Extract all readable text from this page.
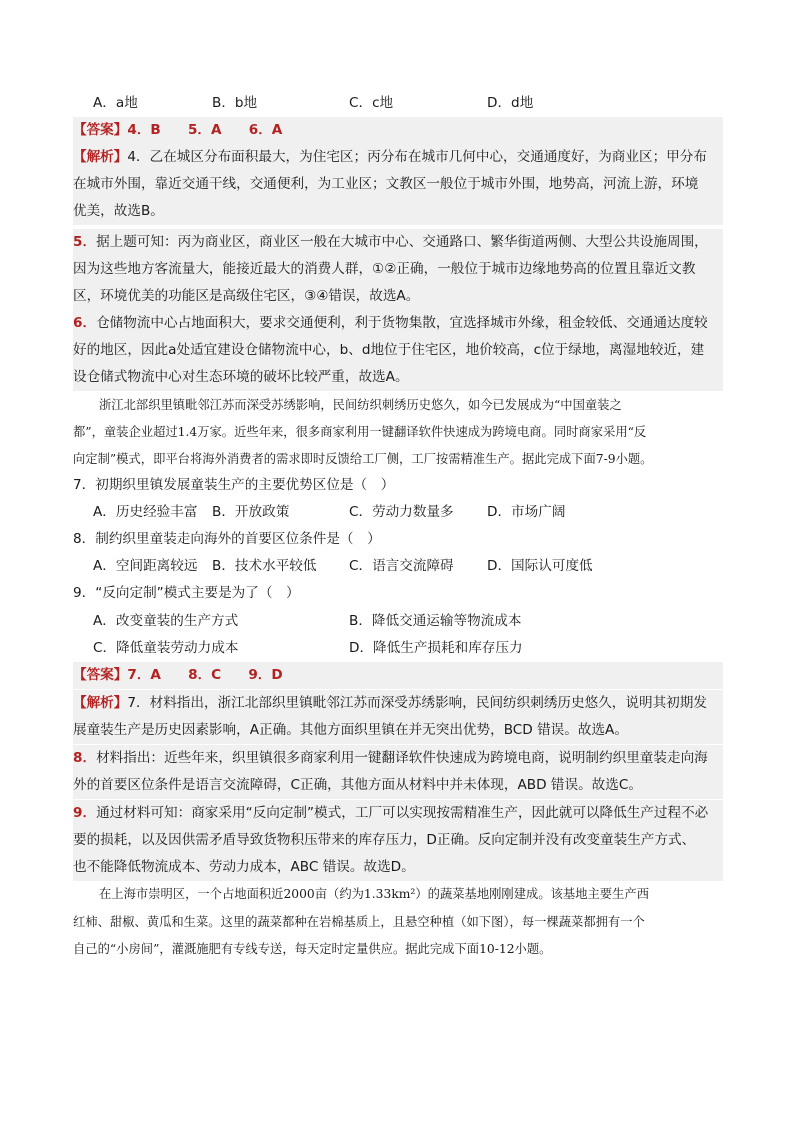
A．a地	B．b地	C．c地	D．d地
【答案】4．B　　5．A　　6．A
【解析】4．乙在城区分布面积最大，为住宅区；丙分布在城市几何中心，交通通度好，为商业区；甲分布
在城市外围，靠近交通干线，交通便利，为工业区；文教区一般位于城市外围，地势高，河流上游，环境
优美，故选B。
5．据上题可知：丙为商业区，商业区一般在大城市中心、交通路口、繁华街道两侧、大型公共设施周围，
因为这些地方客流量大，能接近最大的消费人群，①②正确，一般位于城市边缘地势高的位置且靠近文教
区，环境优美的功能区是高级住宅区，③④错误，故选A。
6．仓储物流中心占地面积大，要求交通便利，利于货物集散，宜选择城市外缘，租金较低、交通通达度较
好的地区，因此a处适宜建设仓储物流中心，b、d地位于住宅区，地价较高，c位于绿地，离湿地较近，建
设仓储式物流中心对生态环境的破坏比较严重，故选A。
浙江北部织里镇毗邻江苏而深受苏绣影响，民间纺织刺绣历史悠久，如今已发展成为“中国童装之
都”，童装企业超过1.4万家。近些年来，很多商家利用一键翻译软件快速成为跨境电商。同时商家采用“反
向定制”模式，即平台将海外消费者的需求即时反馈给工厂侧，工厂按需精准生产。据此完成下面7-9小题。
7．初期织里镇发展童装生产的主要优势区位是（　）
A．历史经验丰富 B．开放政策	C．劳动力数量多 D．市场广阔
8．制约织里童装走向海外的首要区位条件是（　）
A．空间距离较远 B．技术水平较低 C．语言交流障碍 D．国际认可度低
9．“反向定制”模式主要是为了（　）
A．改变童装的生产方式	B．降低交通运输等物流成本
C．降低童装劳动力成本	D．降低生产损耗和库存压力
【答案】7．A　　8．C　　9．D
【解析】7．材料指出，浙江北部织里镇毗邻江苏而深受苏绣影响，民间纺织刺绣历史悠久，说明其初期发
展童装生产是历史因素影响，A正确。其他方面织里镇在并无突出优势，BCD 错误。故选A。
8．材料指出：近些年来，织里镇很多商家利用一键翻译软件快速成为跨境电商，说明制约织里童装走向海
外的首要区位条件是语言交流障碍，C正确，其他方面从材料中并未体现，ABD 错误。故选C。
9．通过材料可知：商家采用“反向定制”模式，工厂可以实现按需精准生产，因此就可以降低生产过程不必
要的损耗，以及因供需矛盾导致货物积压带来的库存压力，D正确。反向定制并没有改变童装生产方式、
也不能降低物流成本、劳动力成本，ABC 错误。故选D。
在上海市崇明区，一个占地面积近2000亩（约为1.33km²）的蔬菜基地刚刚建成。该基地主要生产西
红柿、甜椒、黄瓜和生菜。这里的蔬菜都种在岩棉基质上，且悬空种植（如下图），每一棵蔬菜都拥有一个
自己的“小房间”，灌溉施肥有专线专送，每天定时定量供应。据此完成下面10-12小题。
